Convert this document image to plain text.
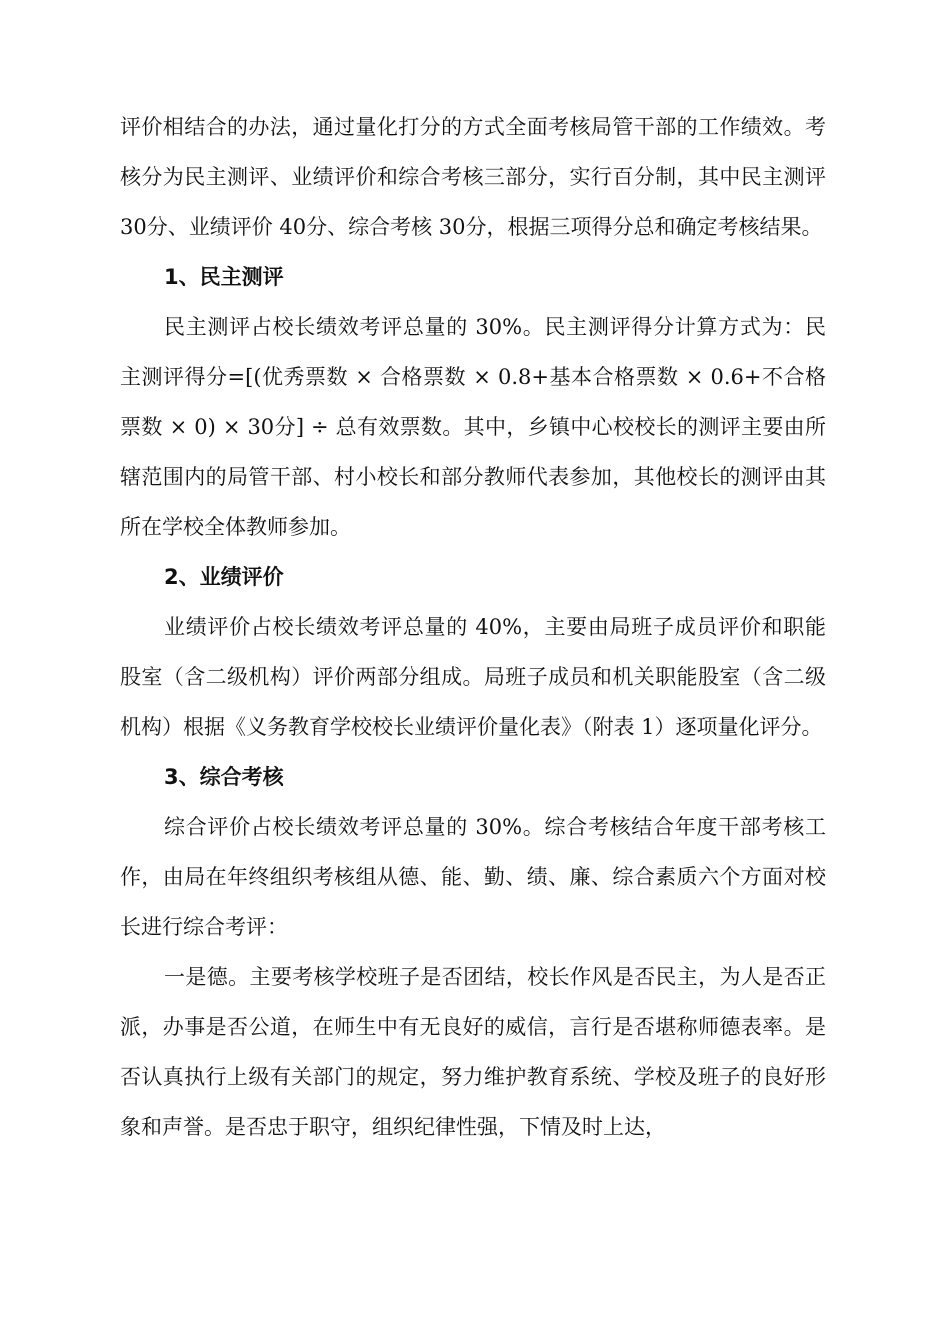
评价相结合的办法，通过量化打分的方式全面考核局管干部的工作绩效。考核分为民主测评、业绩评价和综合考核三部分，实行百分制，其中民主测评 30分、业绩评价 40分、综合考核 30分，根据三项得分总和确定考核结果。

1、民主测评

民主测评占校长绩效考评总量的 30%。民主测评得分计算方式为：民主测评得分=[(优秀票数 × 合格票数 × 0.8+基本合格票数 × 0.6+不合格票数 × 0) × 30分] ÷ 总有效票数。其中，乡镇中心校校长的测评主要由所辖范围内的局管干部、村小校长和部分教师代表参加，其他校长的测评由其所在学校全体教师参加。

2、业绩评价

业绩评价占校长绩效考评总量的 40%，主要由局班子成员评价和职能股室（含二级机构）评价两部分组成。局班子成员和机关职能股室（含二级机构）根据《义务教育学校校长业绩评价量化表》（附表 1）逐项量化评分。

3、综合考核

综合评价占校长绩效考评总量的 30%。综合考核结合年度干部考核工作，由局在年终组织考核组从德、能、勤、绩、廉、综合素质六个方面对校长进行综合考评：

一是德。主要考核学校班子是否团结，校长作风是否民主，为人是否正派，办事是否公道，在师生中有无良好的威信，言行是否堪称师德表率。是否认真执行上级有关部门的规定，努力维护教育系统、学校及班子的良好形象和声誉。是否忠于职守，组织纪律性强，下情及时上达，
